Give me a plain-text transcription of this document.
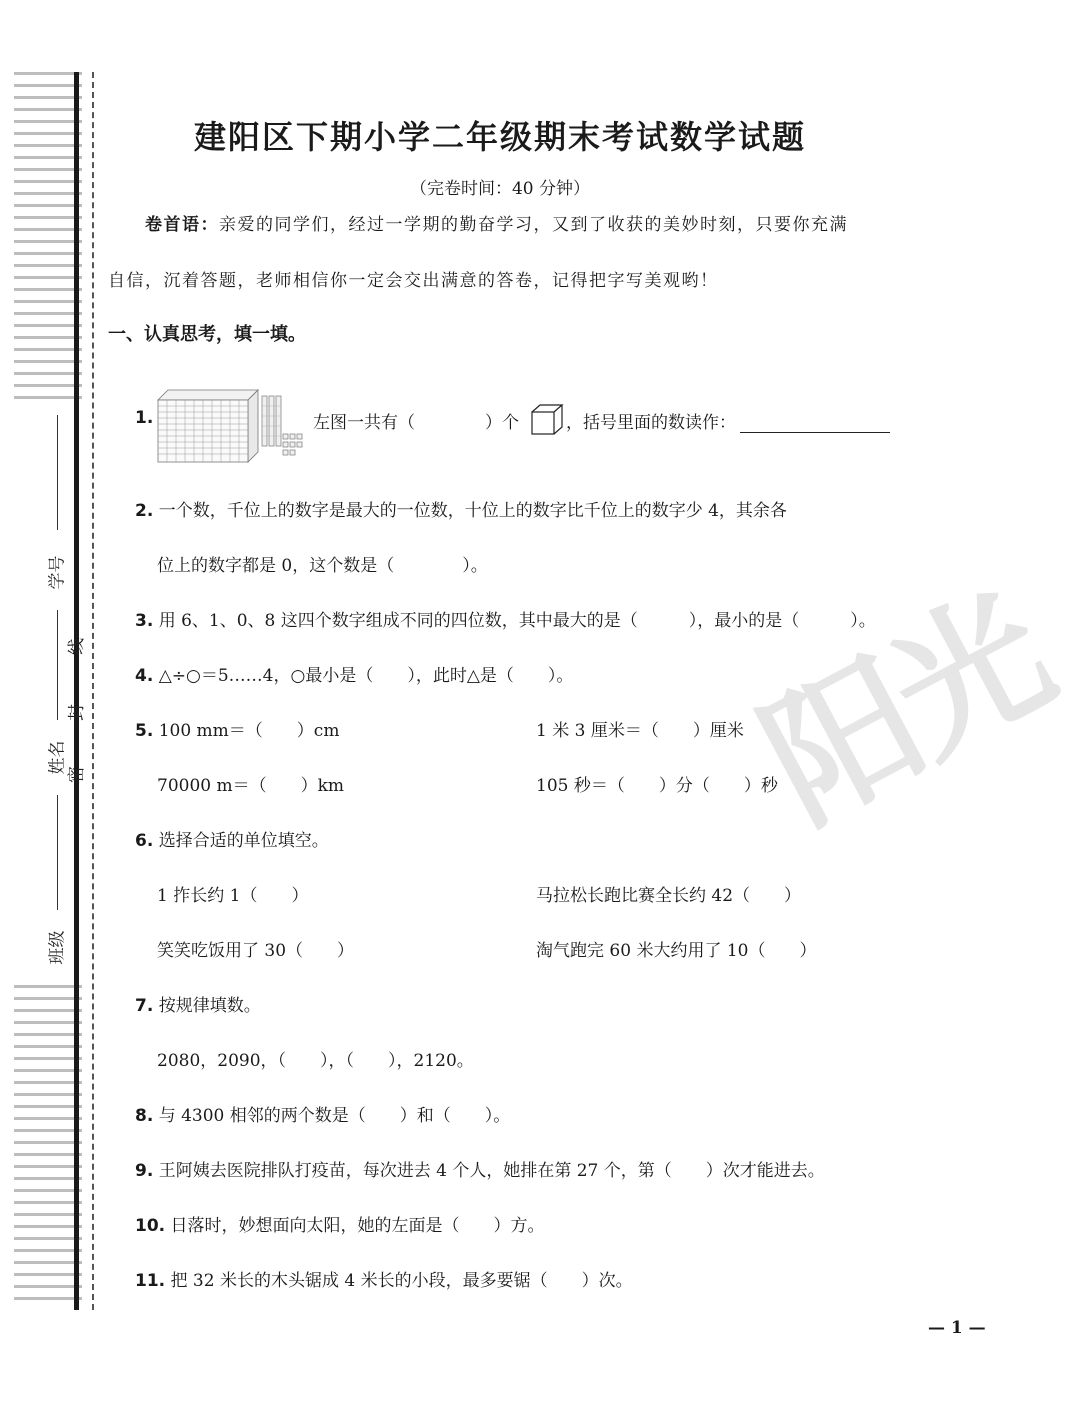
学号
姓名
班级
密
封
线	阳光
建阳区下期小学二年级期末考试数学试题
（完卷时间：40 分钟）
卷首语：亲爱的同学们，经过一学期的勤奋学习，又到了收获的美妙时刻，只要你充满
自信，沉着答题，老师相信你一定会交出满意的答卷，记得把字写美观哟！
一、认真思考，填一填。
1.	左图一共有（	）个	，括号里面的数读作：
2. 一个数，千位上的数字是最大的一位数，十位上的数字比千位上的数字少 4，其余各
位上的数字都是 0，这个数是（　　　　）。
3. 用 6、1、0、8 这四个数字组成不同的四位数，其中最大的是（　　　），最小的是（　　　）。
4. △÷○＝5……4，○最小是（　　），此时△是（　　）。
5. 100 mm＝（　　）cm	1 米 3 厘米＝（　　）厘米
70000 m＝（　　）km	105 秒＝（　　）分（　　）秒
6. 选择合适的单位填空。
1 拃长约 1（　　）	马拉松长跑比赛全长约 42（　　）
笑笑吃饭用了 30（　　）	淘气跑完 60 米大约用了 10（　　）
7. 按规律填数。
2080，2090，（　　），（　　），2120。
8. 与 4300 相邻的两个数是（　　）和（　　）。
9. 王阿姨去医院排队打疫苗，每次进去 4 个人，她排在第 27 个，第（　　）次才能进去。
10. 日落时，妙想面向太阳，她的左面是（　　）方。
11. 把 32 米长的木头锯成 4 米长的小段，最多要锯（　　）次。
— 1 —
